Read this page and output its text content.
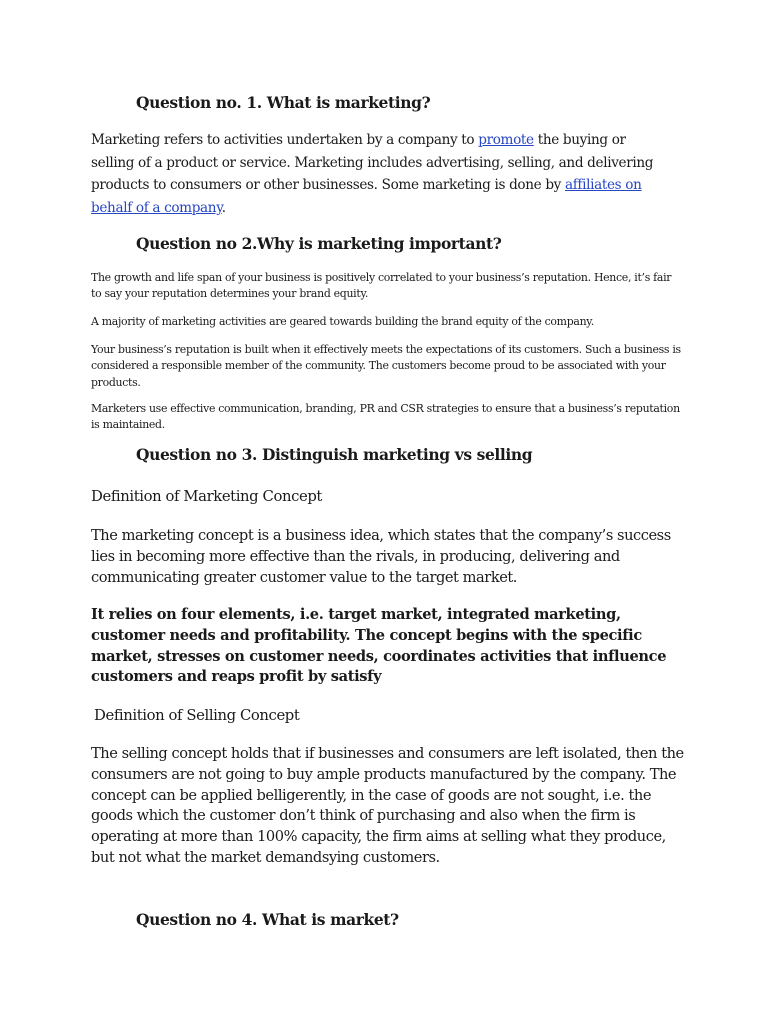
Question no. 1. What is marketing?

Marketing refers to activities undertaken by a company to promote the buying or selling of a product or service. Marketing includes advertising, selling, and delivering products to consumers or other businesses. Some marketing is done by affiliates on behalf of a company.

Question no 2.Why is marketing important?

The growth and life span of your business is positively correlated to your business’s reputation. Hence, it’s fair to say your reputation determines your brand equity.

A majority of marketing activities are geared towards building the brand equity of the company.

Your business’s reputation is built when it effectively meets the expectations of its customers. Such a business is considered a responsible member of the community. The customers become proud to be associated with your products.

Marketers use effective communication, branding, PR and CSR strategies to ensure that a business’s reputation is maintained.

Question no 3. Distinguish marketing vs selling

Definition of Marketing Concept

The marketing concept is a business idea, which states that the company’s success lies in becoming more effective than the rivals, in producing, delivering and communicating greater customer value to the target market.

It relies on four elements, i.e. target market, integrated marketing, customer needs and profitability. The concept begins with the specific market, stresses on customer needs, coordinates activities that influence customers and reaps profit by satisfy

Definition of Selling Concept

The selling concept holds that if businesses and consumers are left isolated, then the consumers are not going to buy ample products manufactured by the company. The concept can be applied belligerently, in the case of goods are not sought, i.e. the goods which the customer don’t think of purchasing and also when the firm is operating at more than 100% capacity, the firm aims at selling what they produce, but not what the market demandsying customers.

Question no 4. What is market?
